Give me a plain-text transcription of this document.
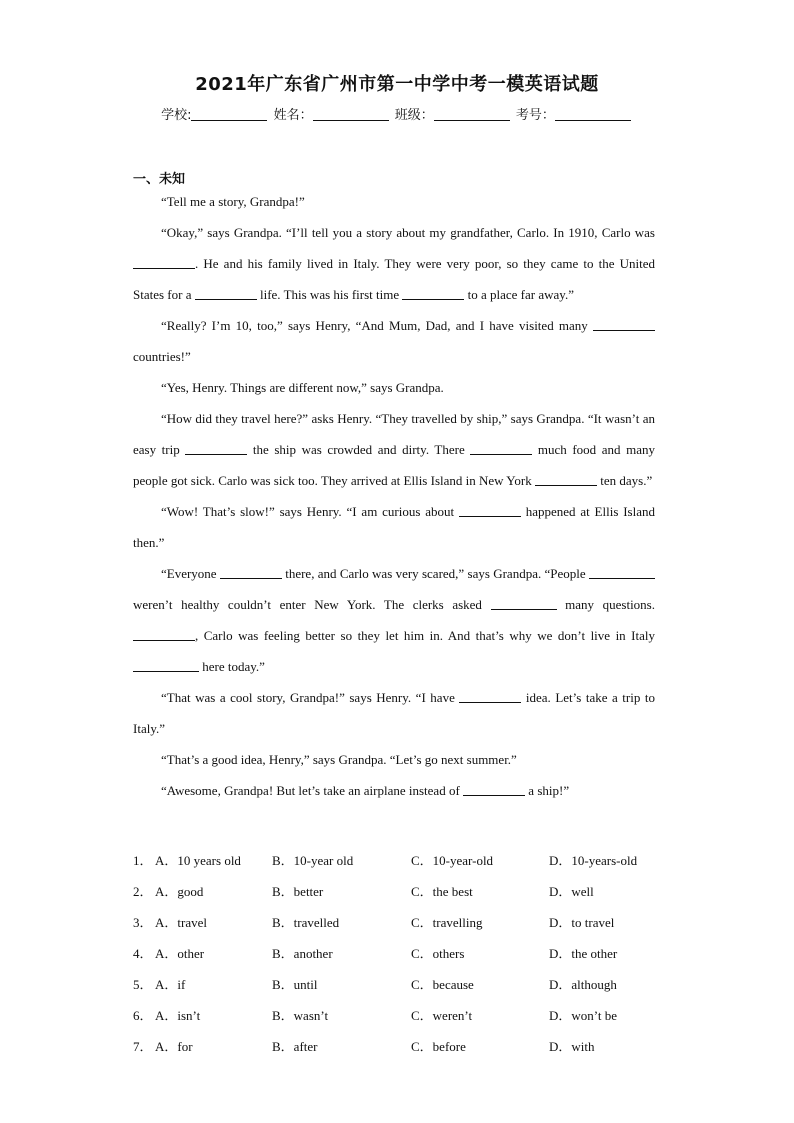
2021年广东省广州市第一中学中考一模英语试题
学校:	姓名：	班级：	考号：
一、未知

“Tell me a story, Grandpa!”

“Okay,” says Grandpa. “I’ll tell you a story about my grandfather, Carlo. In 1910, Carlo was . He and his family lived in Italy. They were very poor, so they came to the United States for a	life. This was his first time	to a place far away.”

“Really? I’m 10, too,” says Henry, “And Mum, Dad, and I have visited many  countries!”

“Yes, Henry. Things are different now,” says Grandpa.

“How did they travel here?” asks Henry. “They travelled by ship,” says Grandpa. “It wasn’t an easy trip	the ship was crowded and dirty. There	much food and many people got sick. Carlo was sick too. They arrived at Ellis Island in New York	ten days.”

“Wow! That’s slow!” says Henry. “I am curious about	happened at Ellis Island then.”

“Everyone	there, and Carlo was very scared,” says Grandpa. “People  weren’t healthy couldn’t enter New York. The clerks asked	many questions. , Carlo was feeling better so they let him in. And that’s why we don’t live in Italy  here today.”

“That was a cool story, Grandpa!” says Henry. “I have	idea. Let’s take a trip to Italy.”

“That’s a good idea, Henry,” says Grandpa. “Let’s go next summer.”

“Awesome, Grandpa! But let’s take an airplane instead of	a ship!”

1． A．10 years old	B．10-year old	C．10-year-old	D．10-years-old
2． A．good	B．better	C．the best	D．well
3． A．travel	B．travelled	C．travelling	D．to travel
4． A．other	B．another	C．others	D．the other
5． A．if	B．until	C．because	D．although
6． A．isn’t	B．wasn’t	C．weren’t	D．won’t be
7． A．for	B．after	C．before	D．with
